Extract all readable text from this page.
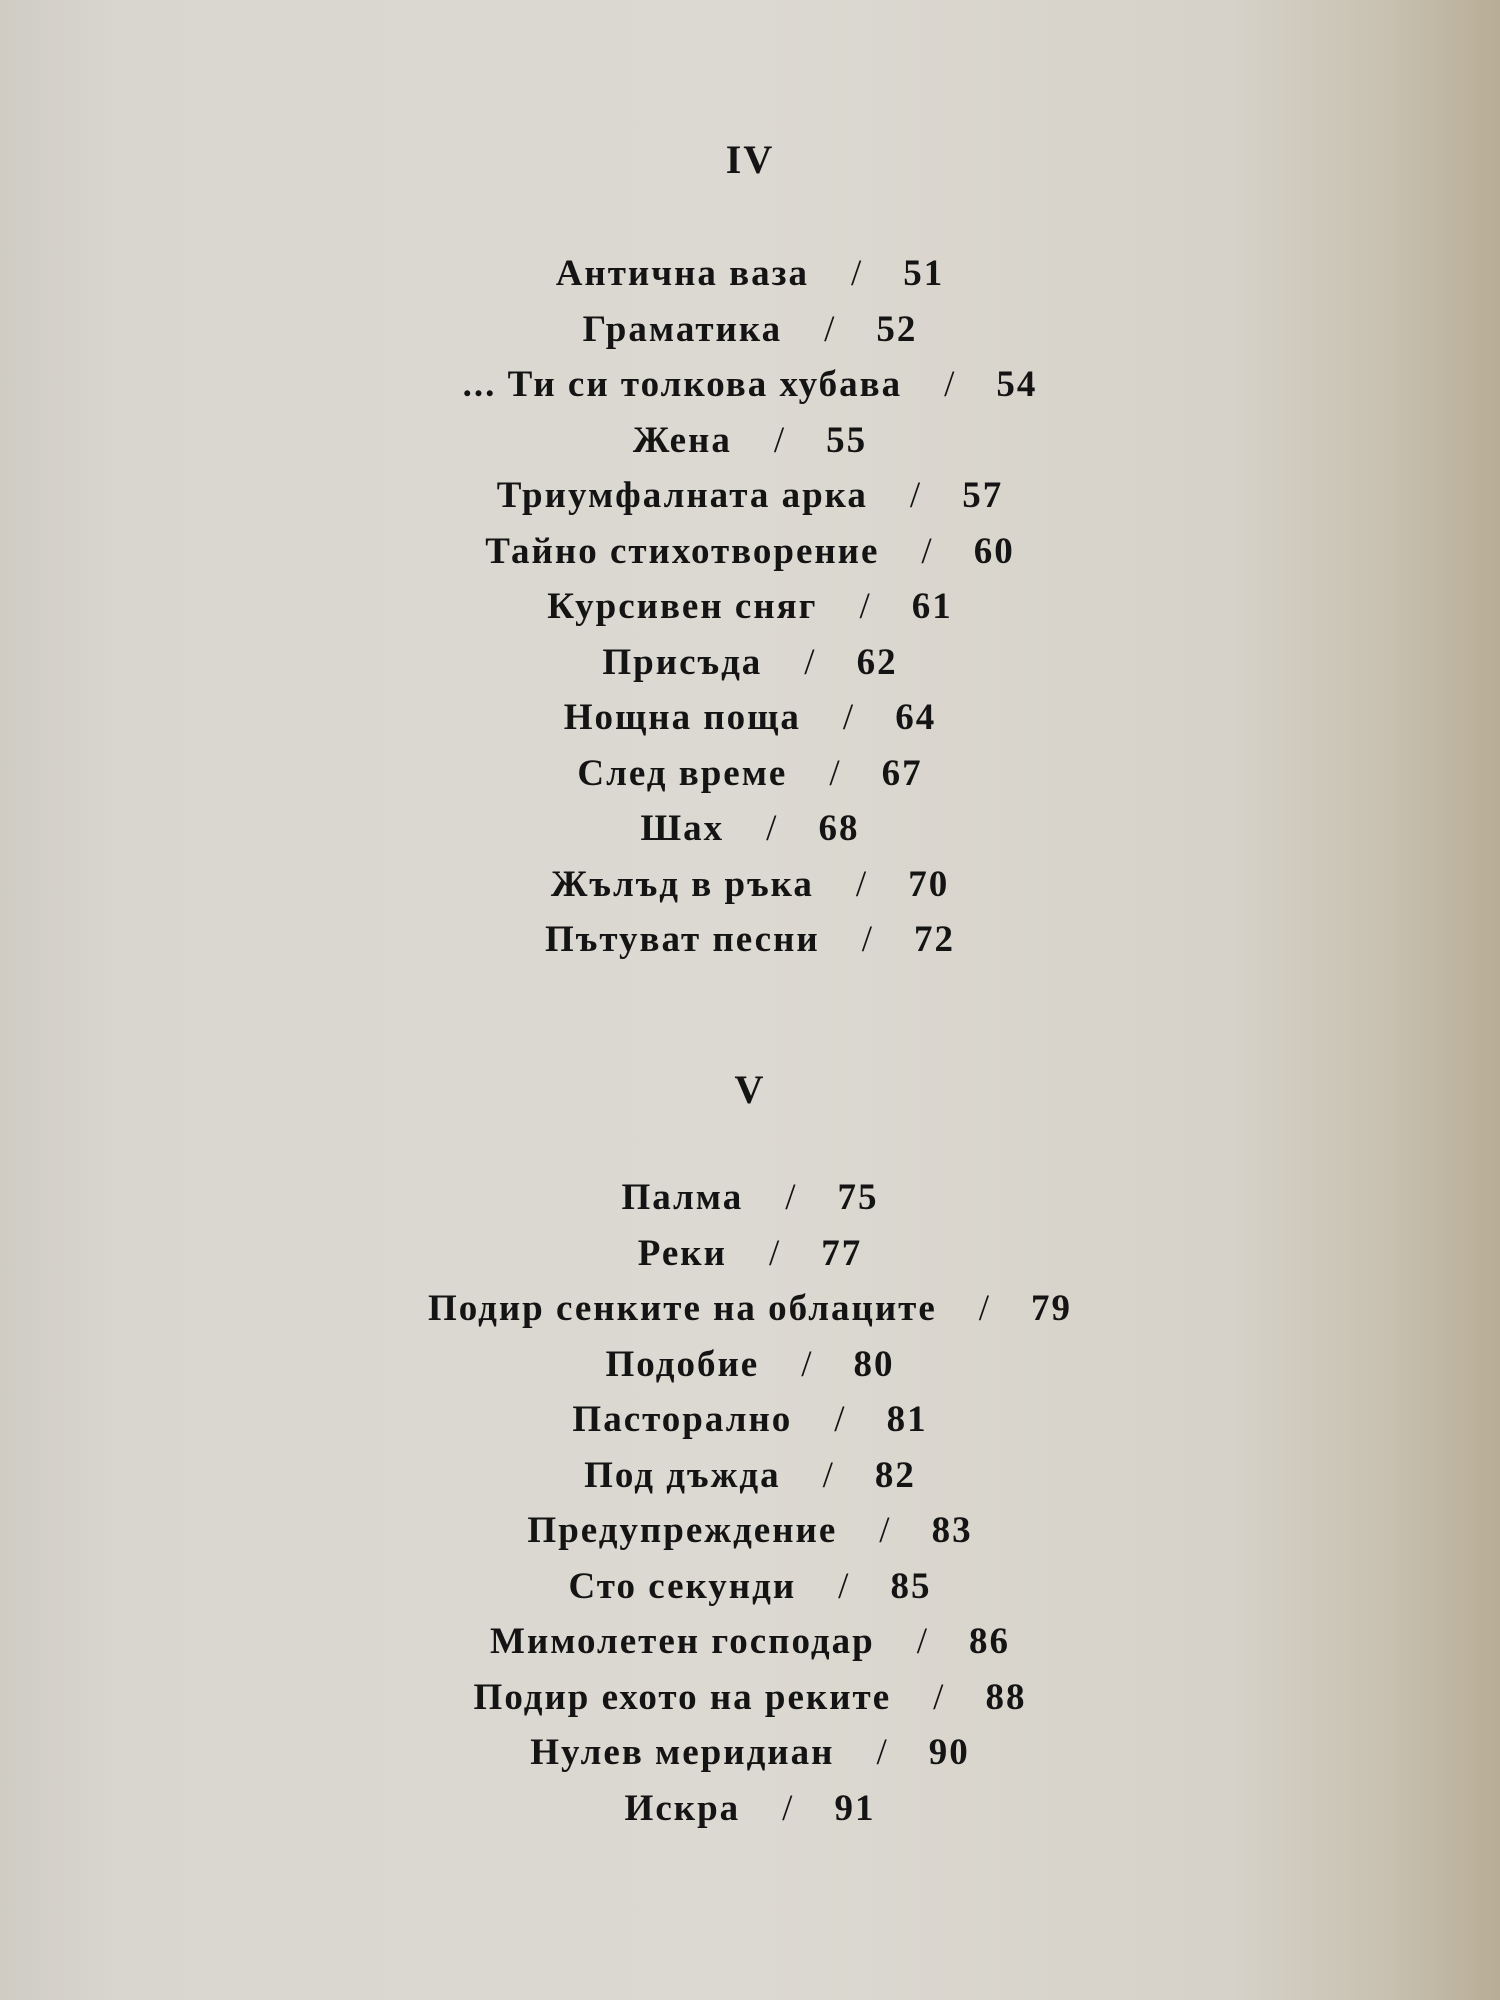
IV
Антична ваза / 51
Граматика / 52
... Ти си толкова хубава / 54
Жена / 55
Триумфалната арка / 57
Тайно стихотворение / 60
Курсивен сняг / 61
Присъда / 62
Нощна поща / 64
След време / 67
Шах / 68
Жълъд в ръка / 70
Пътуват песни / 72
V
Палма / 75
Реки / 77
Подир сенките на облаците / 79
Подобие / 80
Пасторално / 81
Под дъжда / 82
Предупреждение / 83
Сто секунди / 85
Мимолетен господар / 86
Подир ехото на реките / 88
Нулев меридиан / 90
Искра / 91
